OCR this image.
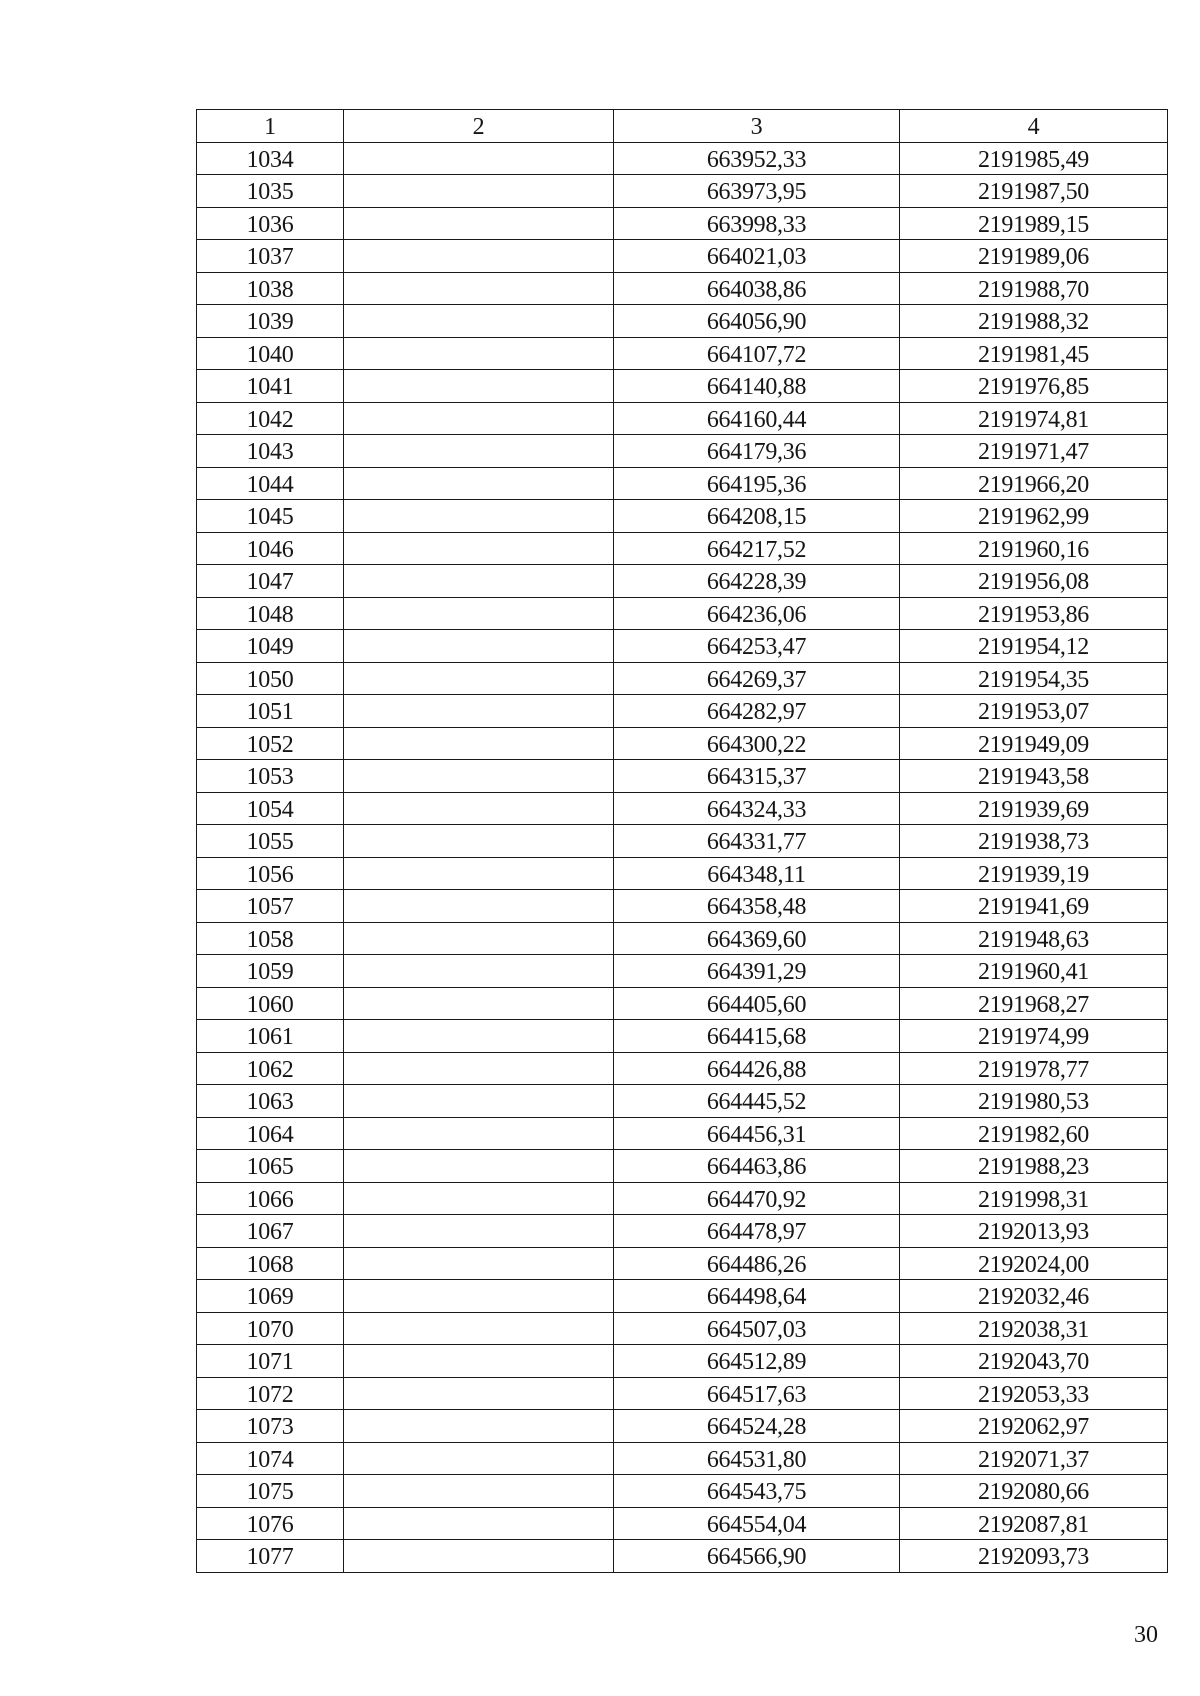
1	2	3	4
1034		663952,33	2191985,49
1035		663973,95	2191987,50
1036		663998,33	2191989,15
1037		664021,03	2191989,06
1038		664038,86	2191988,70
1039		664056,90	2191988,32
1040		664107,72	2191981,45
1041		664140,88	2191976,85
1042		664160,44	2191974,81
1043		664179,36	2191971,47
1044		664195,36	2191966,20
1045		664208,15	2191962,99
1046		664217,52	2191960,16
1047		664228,39	2191956,08
1048		664236,06	2191953,86
1049		664253,47	2191954,12
1050		664269,37	2191954,35
1051		664282,97	2191953,07
1052		664300,22	2191949,09
1053		664315,37	2191943,58
1054		664324,33	2191939,69
1055		664331,77	2191938,73
1056		664348,11	2191939,19
1057		664358,48	2191941,69
1058		664369,60	2191948,63
1059		664391,29	2191960,41
1060		664405,60	2191968,27
1061		664415,68	2191974,99
1062		664426,88	2191978,77
1063		664445,52	2191980,53
1064		664456,31	2191982,60
1065		664463,86	2191988,23
1066		664470,92	2191998,31
1067		664478,97	2192013,93
1068		664486,26	2192024,00
1069		664498,64	2192032,46
1070		664507,03	2192038,31
1071		664512,89	2192043,70
1072		664517,63	2192053,33
1073		664524,28	2192062,97
1074		664531,80	2192071,37
1075		664543,75	2192080,66
1076		664554,04	2192087,81
1077		664566,90	2192093,73
30
